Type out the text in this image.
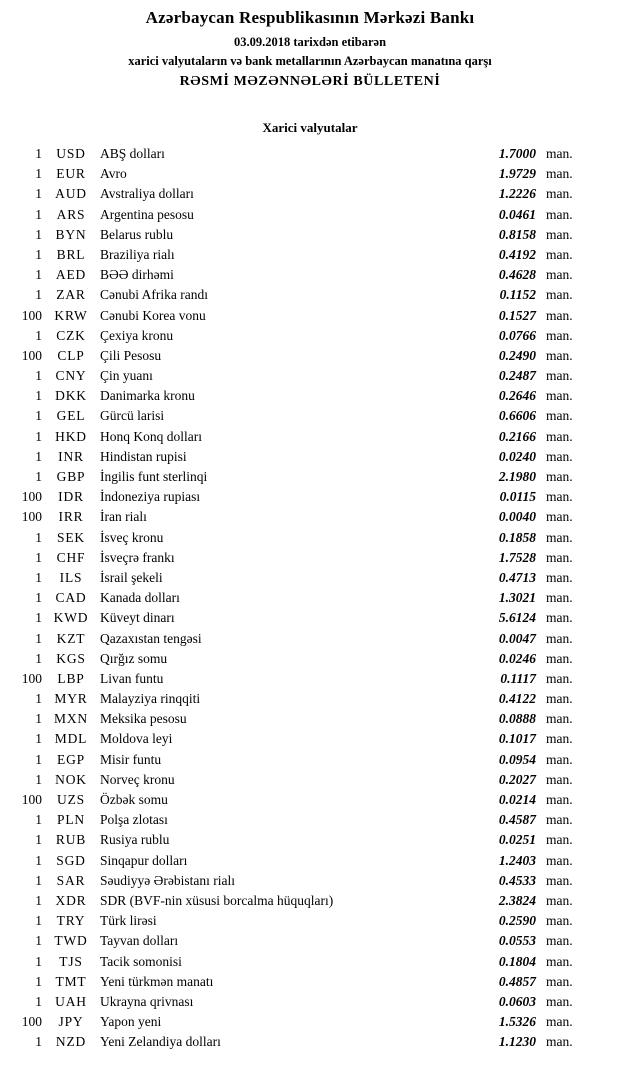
Azərbaycan Respublikasının Mərkəzi Bankı
03.09.2018 tarixdən etibarən
xarici valyutaların və bank metallarının Azərbaycan manatına qarşı
RƏSMİ MƏZƏNNƏLƏRİ BÜLLETENİ
Xarici valyutalar
1	USD	ABŞ dolları	1.7000 man.
1	EUR	Avro	1.9729 man.
1 AUD Avstraliya dolları	1.2226 man.
1	ARS	Argentina pesosu	0.0461 man.
1	BYN	Belarus rublu	0.8158 man.
1	BRL	Braziliya rialı	0.4192 man.
1	AED	BƏƏ dirhəmi	0.4628 man.
1	ZAR	Cənubi Afrika randı	0.1152 man.
100 KRW Cənubi Korea vonu	0.1527 man.
1	CZK	Çexiya kronu	0.0766 man.
100	CLP	Çili Pesosu	0.2490 man.
1	CNY	Çin yuanı	0.2487 man.
1 DKK Danimarka kronu	0.2646 man.
1	GEL	Gürcü larisi	0.6606 man.
1 HKD Honq Konq dolları	0.2166 man.
1	INR	Hindistan rupisi	0.0240 man.
1	GBP	İngilis funt sterlinqi	2.1980 man.
100	IDR	İndoneziya rupiası	0.0115 man.
100	IRR	İran rialı	0.0040 man.
1	SEK	İsveç kronu	0.1858 man.
1	CHF	İsveçrə frankı	1.7528 man.
1	ILS	İsrail şekeli	0.4713 man.
1	CAD	Kanada dolları	1.3021 man.
1 KWD Küveyt dinarı	5.6124 man.
1	KZT	Qazaxıstan tengəsi	0.0047 man.
1	KGS	Qırğız somu	0.0246 man.
100	LBP	Livan funtu	0.1117 man.
1 MYR Malayziya rinqqiti	0.4122 man.
1 MXN Meksika pesosu	0.0888 man.
1 MDL Moldova leyi	0.1017 man.
1	EGP	Misir funtu	0.0954 man.
1 NOK Norveç kronu	0.2027 man.
100	UZS	Özbək somu	0.0214 man.
1	PLN	Polşa zlotası	0.4587 man.
1	RUB	Rusiya rublu	0.0251 man.
1	SGD	Sinqapur dolları	1.2403 man.
1	SAR	Səudiyyə Ərəbistanı rialı	0.4533 man.
1	XDR	SDR (BVF-nin xüsusi borcalma hüquqları)	2.3824 man.
1	TRY	Türk lirəsi	0.2590 man.
1 TWD Tayvan dolları	0.0553 man.
1	TJS	Tacik somonisi	0.1804 man.
1	TMT	Yeni türkmən manatı	0.4857 man.
1 UAH Ukrayna qrivnası	0.0603 man.
100	JPY	Yapon yeni	1.5326 man.
1	NZD	Yeni Zelandiya dolları	1.1230 man.
